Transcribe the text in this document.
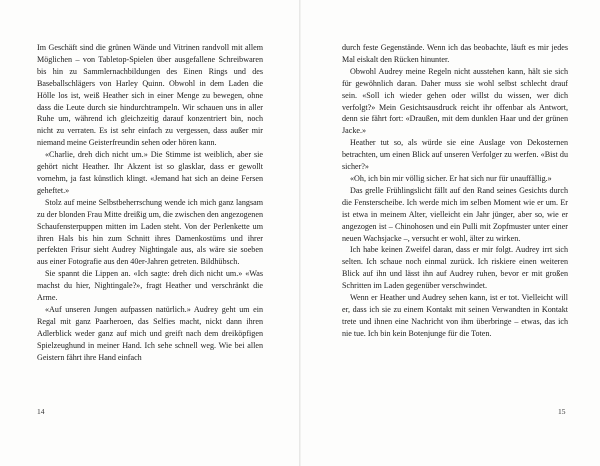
Im Geschäft sind die grünen Wände und Vitrinen randvoll mit allem Möglichen – von Tabletop-Spielen über ausgefallene Schreibwaren bis hin zu Sammlernachbildungen des Einen Rings und des Baseballschlägers von Harley Quinn. Obwohl in dem Laden die Hölle los ist, weiß Heather sich in einer Menge zu bewegen, ohne dass die Leute durch sie hindurchtrampeln. Wir schauen uns in aller Ruhe um, während ich gleichzeitig darauf konzentriert bin, noch nicht zu verraten. Es ist sehr einfach zu vergessen, dass außer mir niemand meine Geisterfreundin sehen oder hören kann.

«Charlie, dreh dich nicht um.» Die Stimme ist weiblich, aber sie gehört nicht Heather. Ihr Akzent ist so glasklar, dass er gewollt vornehm, ja fast künstlich klingt. «Jemand hat sich an deine Fersen geheftet.»

Stolz auf meine Selbstbeherrschung wende ich mich ganz langsam zu der blonden Frau Mitte dreißig um, die zwischen den angezogenen Schaufensterpuppen mitten im Laden steht. Von der Perlenkette um ihren Hals bis hin zum Schnitt ihres Damenkostüms und ihrer perfekten Frisur sieht Audrey Nightingale aus, als wäre sie soeben aus einer Fotografie aus den 40er-Jahren getreten. Bildhübsch.

Sie spannt die Lippen an. «Ich sagte: dreh dich nicht um.» «Was machst du hier, Nightingale?», fragt Heather und verschränkt die Arme.

«Auf unseren Jungen aufpassen natürlich.» Audrey geht um ein Regal mit ganz Paarheroen, das Selfies macht, nickt dann ihren Adlerblick weder ganz auf mich und greift nach dem dreiköpfigen Spielzeughund in meiner Hand. Ich sehe schnell weg. Wie bei allen Geistern fährt ihre Hand einfach

14

durch feste Gegenstände. Wenn ich das beobachte, läuft es mir jedes Mal eiskalt den Rücken hinunter.

Obwohl Audrey meine Regeln nicht ausstehen kann, hält sie sich für gewöhnlich daran. Daher muss sie wohl selbst schlecht drauf sein. «Soll ich wieder gehen oder willst du wissen, wer dich verfolgt?» Mein Gesichtsausdruck reicht ihr offenbar als Antwort, denn sie fährt fort: «Draußen, mit dem dunklen Haar und der grünen Jacke.»

Heather tut so, als würde sie eine Auslage von Dekosternen betrachten, um einen Blick auf unseren Verfolger zu werfen. «Bist du sicher?»

«Oh, ich bin mir völlig sicher. Er hat sich nur für unauffällig.»

Das grelle Frühlingslicht fällt auf den Rand seines Gesichts durch die Fensterscheibe. Ich werde mich im selben Moment wie er um. Er ist etwa in meinem Alter, vielleicht ein Jahr jünger, aber so, wie er angezogen ist – Chinohosen und ein Pulli mit Zopfmuster unter einer neuen Wachsjacke –, versucht er wohl, älter zu wirken.

Ich habe keinen Zweifel daran, dass er mir folgt. Audrey irrt sich selten. Ich schaue noch einmal zurück. Ich riskiere einen weiteren Blick auf ihn und lässt ihn auf Audrey ruhen, bevor er mit großen Schritten im Laden gegenüber verschwindet.

Wenn er Heather und Audrey sehen kann, ist er tot. Vielleicht will er, dass ich sie zu einem Kontakt mit seinen Verwandten in Kontakt trete und ihnen eine Nachricht von ihm überbringe – etwas, das ich nie tue. Ich bin kein Botenjunge für die Toten.

15
